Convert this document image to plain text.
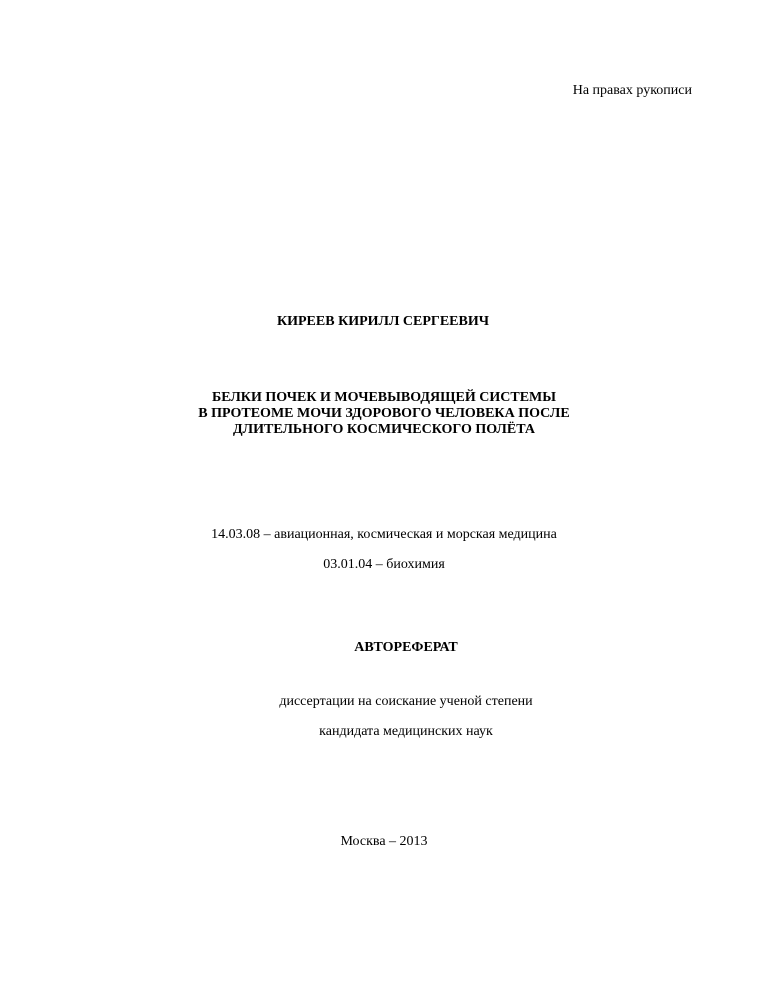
На правах рукописи
КИРЕЕВ КИРИЛЛ СЕРГЕЕВИЧ
БЕЛКИ ПОЧЕК И МОЧЕВЫВОДЯЩЕЙ СИСТЕМЫ
В ПРОТЕОМЕ МОЧИ ЗДОРОВОГО ЧЕЛОВЕКА ПОСЛЕ
ДЛИТЕЛЬНОГО КОСМИЧЕСКОГО ПОЛЁТА
14.03.08 – авиационная, космическая и морская медицина
03.01.04 – биохимия
АВТОРЕФЕРАТ
диссертации на соискание ученой степени
кандидата медицинских наук
Москва – 2013
